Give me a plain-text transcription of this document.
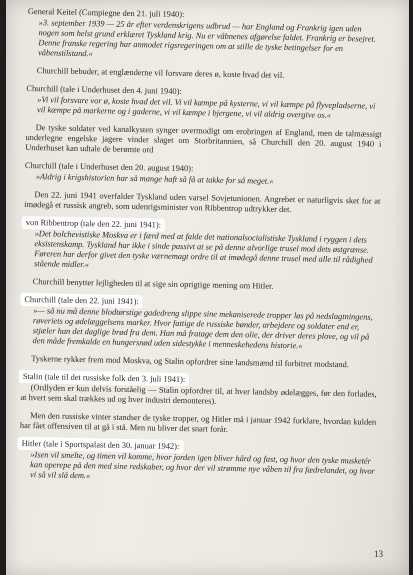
General Keitel (Compiegne den 21. juli 1940):

»3. september 1939 — 25 år efter verdenskrigens udbrud — har England og Frankrig igen uden nogen som helst grund erklæret Tyskland krig. Nu er våbnenes afgørelse faldet. Frankrig er besejret. Denne franske regering har anmodet rigsregeringen om at stille de tyske betingelser for en våbenstilstand.«

Churchill bebuder, at englænderne vil forsvare deres ø, koste hvad det vil.

Churchill (tale i Underhuset den 4. juni 1940):

»Vi vil forsvare vor ø, koste hvad det vil. Vi vil kæmpe på kysterne, vi vil kæmpe på flyvepladserne, vi vil kæmpe på markerne og i gaderne, vi vil kæmpe i bjergene, vi vil aldrig overgive os.«

De tyske soldater ved kanalkysten synger overmodigt om erobringen af England, men de talmæssigt underlegne engelske jagere vinder slaget om Storbritannien, så Churchill den 20. august 1940 i Underhuset kan udtale de berømte ord

Churchill (tale i Underhuset den 20. august 1940):

»Aldrig i krigshistorien har så mange haft så få at takke for så meget.«

Den 22. juni 1941 overfalder Tyskland uden varsel Sovjetunionen. Angrebet er naturligvis sket for at imødegå et russisk angreb, som udenrigsminister von Ribbentrop udtrykker det.

von Ribbentrop (tale den 22. juni 1941):

»Det bolchevistiske Moskva er i færd med at falde det nationalsocialistiske Tyskland i ryggen i dets eksistenskamp. Tyskland har ikke i sinde passivt at se på denne alvorlige trusel mod dets østgrænse. Føreren har derfor givet den tyske værnemagt ordre til at imødegå denne trusel med alle til rådighed stående midler.«

Churchill benytter lejligheden til at sige sin oprigtige mening om Hitler.

Churchill (tale den 22. juni 1941):

»— så nu må denne blodtørstige gadedreng slippe sine mekaniserede tropper løs på nedslagtningens, røveriets og ødelæggelsens marker. Hvor fattige de russiske bønder, arbejdere og soldater end er, stjæler han det daglige brød fra dem. Han må fratage dem den olie, der driver deres plove, og vil på den måde fremkalde en hungersnød uden sidestykke i menneskehedens historie.«

Tyskerne rykker frem mod Moskva, og Stalin opfordrer sine landsmænd til forbitret modstand.

Stalin (tale til det russiske folk den 3. juli 1941):

(Ordlyden er kun delvis forståelig — Stalin opfordrer til, at hver landsby ødelægges, før den forlades, at hvert sem skal trækkes ud og hver industri demonteres).

Men den russiske vinter standser de tyske tropper, og Hitler må i januar 1942 forklare, hvordan kulden har fået offensiven til at gå i stå. Men nu bliver det snart forår.

Hitler (tale i Sportspalast den 30. januar 1942):

»Isen vil smelte, og timen vil komme, hvor jorden igen bliver hård og fast, og hvor den tyske musketér kan opereре på den med sine redskaber, og hvor der vil strømme nye våben til fra fædrelandet, og hvor vi så vil slå dem.«

13
